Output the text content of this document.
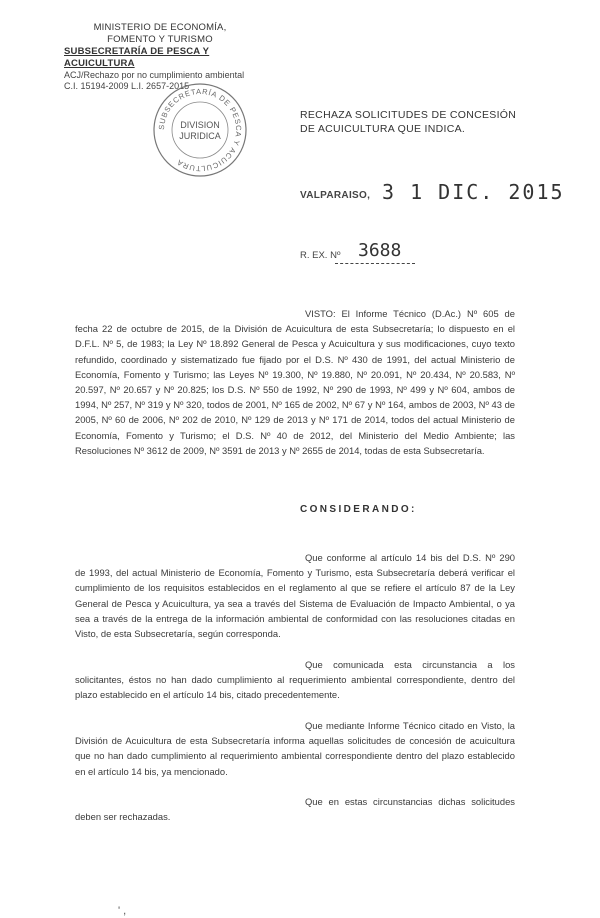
MINISTERIO DE ECONOMÍA,
FOMENTO Y TURISMO
SUBSECRETARÍA DE PESCA Y ACUICULTURA
ACJ/Rechazo por no cumplimiento ambiental
C.I. 15194-2009 L.I. 2657-2015
SUBSECRETARÍA DE PESCA Y ACUICULTURA
DIVISION
JURIDICA
RECHAZA SOLICITUDES DE CONCESIÓN DE ACUICULTURA QUE INDICA.
VALPARAISO, 3 1 DIC. 2015
R. EX. Nº 3688
VISTO: El Informe Técnico (D.Ac.) Nº 605 de fecha 22 de octubre de 2015, de la División de Acuicultura de esta Subsecretaría; lo dispuesto en el D.F.L. Nº 5, de 1983; la Ley Nº 18.892 General de Pesca y Acuicultura y sus modificaciones, cuyo texto refundido, coordinado y sistematizado fue fijado por el D.S. Nº 430 de 1991, del actual Ministerio de Economía, Fomento y Turismo; las Leyes Nº 19.300, Nº 19.880, Nº 20.091, Nº 20.434, Nº 20.583, Nº 20.597, Nº 20.657 y Nº 20.825; los D.S. Nº 550 de 1992, Nº 290 de 1993, Nº 499 y Nº 604, ambos de 1994, Nº 257, Nº 319 y Nº 320, todos de 2001, Nº 165 de 2002, Nº 67 y Nº 164, ambos de 2003, Nº 43 de 2005, Nº 60 de 2006, Nº 202 de 2010, Nº 129 de 2013 y Nº 171 de 2014, todos del actual Ministerio de Economía, Fomento y Turismo; el D.S. Nº 40 de 2012, del Ministerio del Medio Ambiente; las Resoluciones Nº 3612 de 2009, Nº 3591 de 2013 y Nº 2655 de 2014, todas de esta Subsecretaría.
CONSIDERANDO:
Que conforme al artículo 14 bis del D.S. Nº 290 de 1993, del actual Ministerio de Economía, Fomento y Turismo, esta Subsecretaría deberá verificar el cumplimiento de los requisitos establecidos en el reglamento al que se refiere el artículo 87 de la Ley General de Pesca y Acuicultura, ya sea a través del Sistema de Evaluación de Impacto Ambiental, o ya sea a través de la entrega de la información ambiental de conformidad con las resoluciones citadas en Visto, de esta Subsecretaría, según corresponda.
Que comunicada esta circunstancia a los solicitantes, éstos no han dado cumplimiento al requerimiento ambiental correspondiente, dentro del plazo establecido en el artículo 14 bis, citado precedentemente.
Que mediante Informe Técnico citado en Visto, la División de Acuicultura de esta Subsecretaría informa aquellas solicitudes de concesión de acuicultura que no han dado cumplimiento al requerimiento ambiental correspondiente dentro del plazo establecido en el artículo 14 bis, ya mencionado.
Que en estas circunstancias dichas solicitudes deben ser rechazadas.
' ,
